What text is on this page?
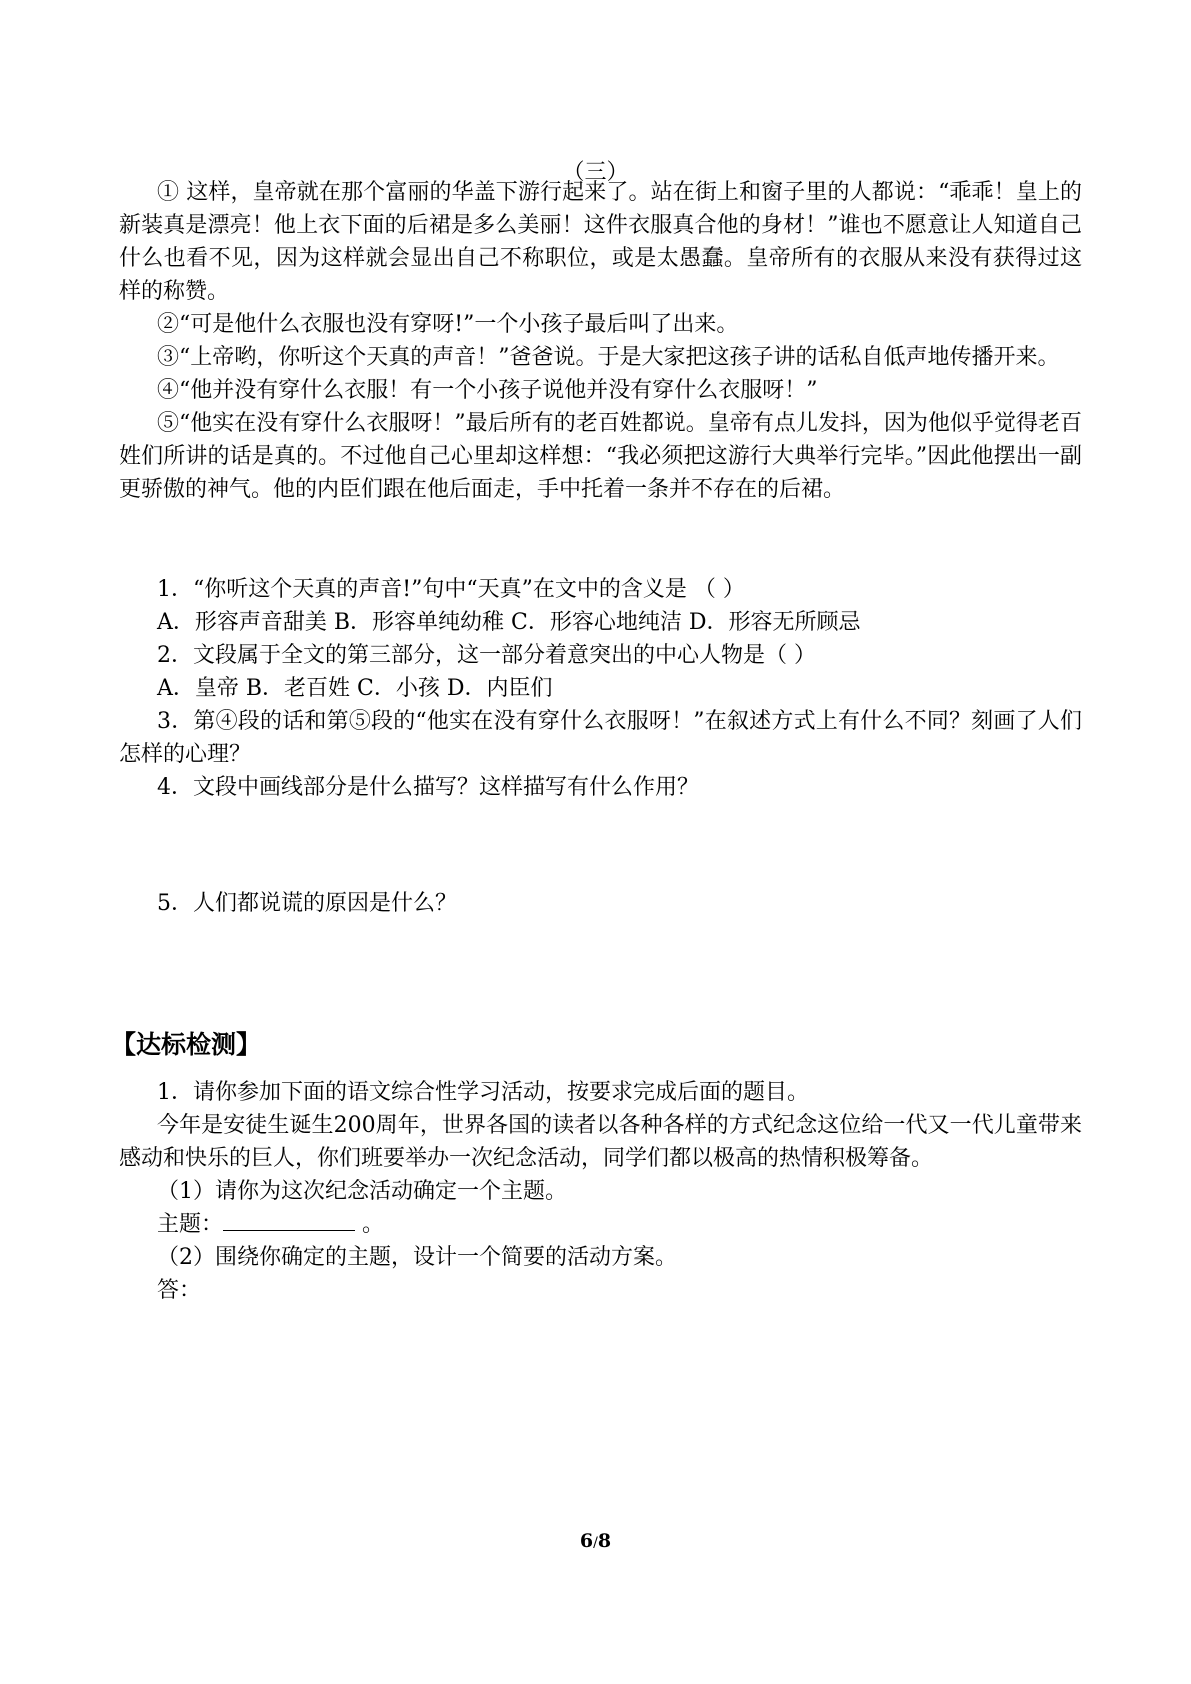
（三）

① 这样，皇帝就在那个富丽的华盖下游行起来了。站在街上和窗子里的人都说：“乖乖！皇上的新装真是漂亮！他上衣下面的后裙是多么美丽！这件衣服真合他的身材！”谁也不愿意让人知道自己什么也看不见，因为这样就会显出自己不称职位，或是太愚蠢。皇帝所有的衣服从来没有获得过这样的称赞。

②“可是他什么衣服也没有穿呀!”一个小孩子最后叫了出来。

③“上帝哟，你听这个天真的声音！”爸爸说。于是大家把这孩子讲的话私自低声地传播开来。

④“他并没有穿什么衣服！有一个小孩子说他并没有穿什么衣服呀！”

⑤“他实在没有穿什么衣服呀！”最后所有的老百姓都说。皇帝有点儿发抖，因为他似乎觉得老百姓们所讲的话是真的。不过他自己心里却这样想：“我必须把这游行大典举行完毕。”因此他摆出一副更骄傲的神气。他的内臣们跟在他后面走，手中托着一条并不存在的后裙。

1．“你听这个天真的声音!”句中“天真”在文中的含义是 （ ）

A．形容声音甜美 B．形容单纯幼稚 C．形容心地纯洁 D．形容无所顾忌

2．文段属于全文的第三部分，这一部分着意突出的中心人物是（ ）

A．皇帝 B．老百姓 C．小孩 D．内臣们

3．第④段的话和第⑤段的“他实在没有穿什么衣服呀！”在叙述方式上有什么不同？刻画了人们怎样的心理？

4．文段中画线部分是什么描写？这样描写有什么作用？

5．人们都说谎的原因是什么？

【达标检测】

1．请你参加下面的语文综合性学习活动，按要求完成后面的题目。

今年是安徒生诞生200周年，世界各国的读者以各种各样的方式纪念这位给一代又一代儿童带来感动和快乐的巨人，你们班要举办一次纪念活动，同学们都以极高的热情积极筹备。

（1）请你为这次纪念活动确定一个主题。

主题：	。

（2）围绕你确定的主题，设计一个简要的活动方案。

答：

6/8
